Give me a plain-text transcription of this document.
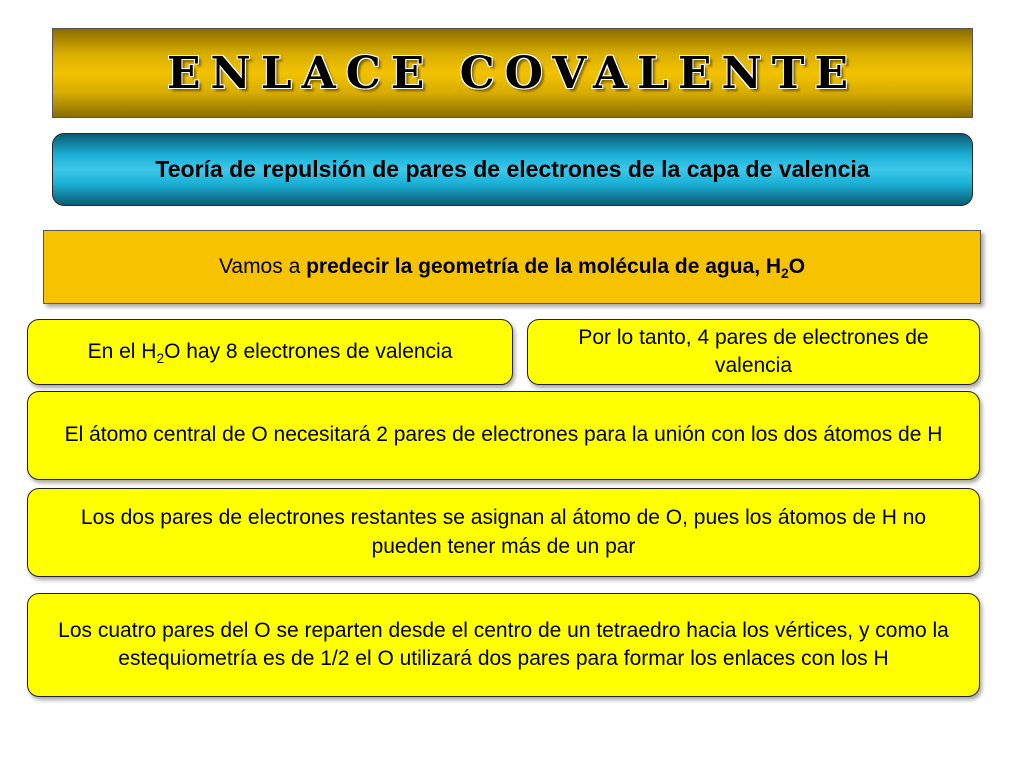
ENLACE COVALENTE
Teoría de repulsión de pares de electrones de la capa de valencia
Vamos a predecir la geometría de la molécula de agua, $H_2O$
En el $H_2O$ hay 8 electrones de valencia
Por lo tanto, 4 pares de electrones de valencia
El átomo central de O necesitará 2 pares de electrones para la unión con los dos átomos de H
Los dos pares de electrones restantes se asignan al átomo de O, pues los átomos de H no pueden tener más de un par
Los cuatro pares del O se reparten desde el centro de un tetraedro hacia los vértices, y como la estequiometría es de 1/2 el O utilizará dos pares para formar los enlaces con los H
